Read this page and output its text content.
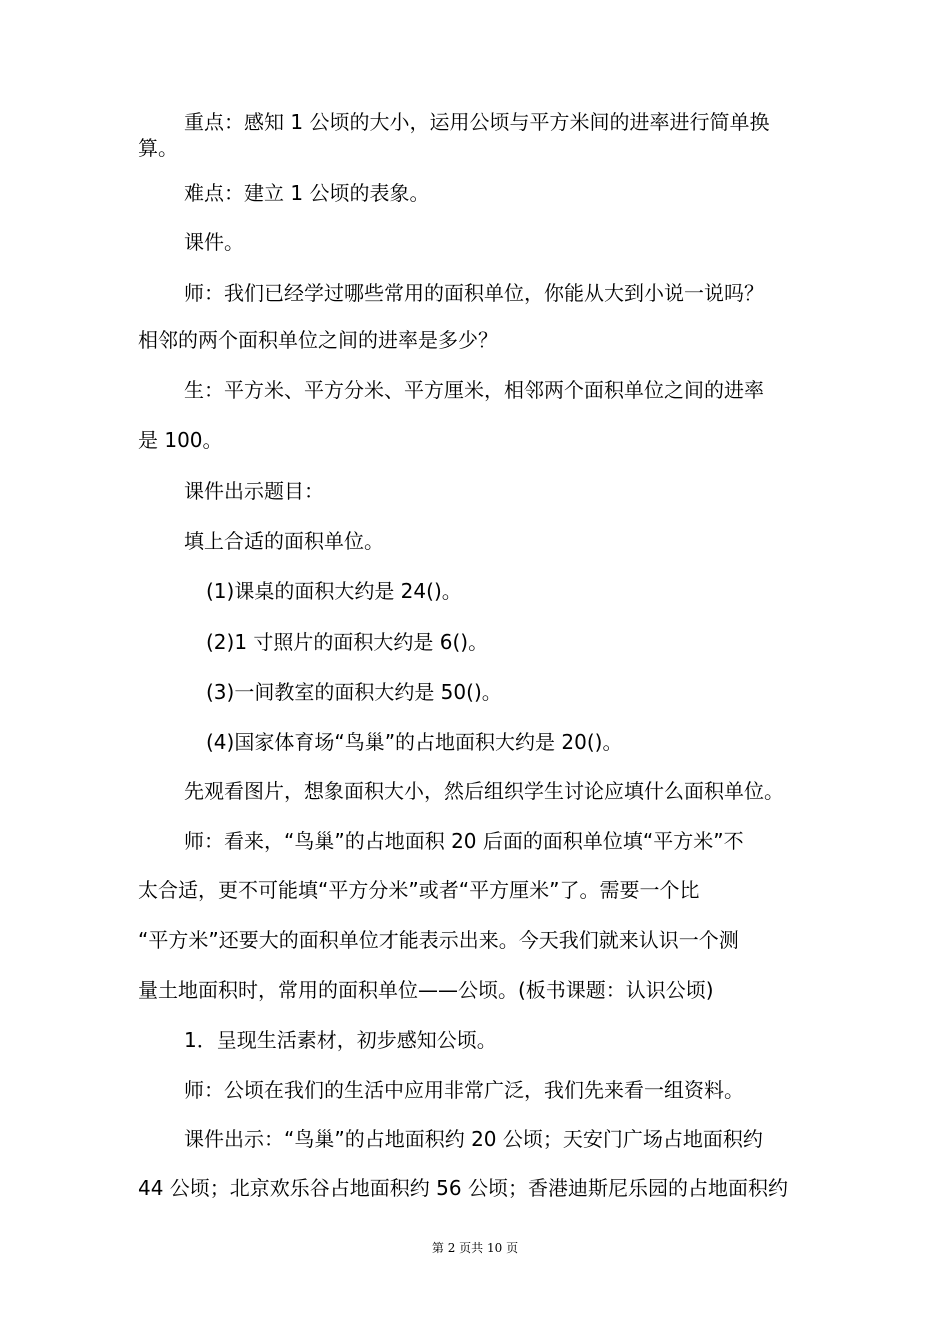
重点：感知 1 公顷的大小，运用公顷与平方米间的进率进行简单换

算。

难点：建立 1 公顷的表象。

课件。

师：我们已经学过哪些常用的面积单位，你能从大到小说一说吗？

相邻的两个面积单位之间的进率是多少？

生：平方米、平方分米、平方厘米，相邻两个面积单位之间的进率

是 100。

课件出示题目：

填上合适的面积单位。

(1)课桌的面积大约是 24()。

(2)1 寸照片的面积大约是 6()。

(3)一间教室的面积大约是 50()。

(4)国家体育场“鸟巢”的占地面积大约是 20()。

先观看图片，想象面积大小，然后组织学生讨论应填什么面积单位。

师：看来，“鸟巢”的占地面积 20 后面的面积单位填“平方米”不

太合适，更不可能填“平方分米”或者“平方厘米”了。需要一个比

“平方米”还要大的面积单位才能表示出来。今天我们就来认识一个测

量土地面积时，常用的面积单位——公顷。(板书课题：认识公顷)

1．呈现生活素材，初步感知公顷。

师：公顷在我们的生活中应用非常广泛，我们先来看一组资料。

课件出示：“鸟巢”的占地面积约 20 公顷；天安门广场占地面积约

44 公顷；北京欢乐谷占地面积约 56 公顷；香港迪斯尼乐园的占地面积约

第 2 页共 10 页
